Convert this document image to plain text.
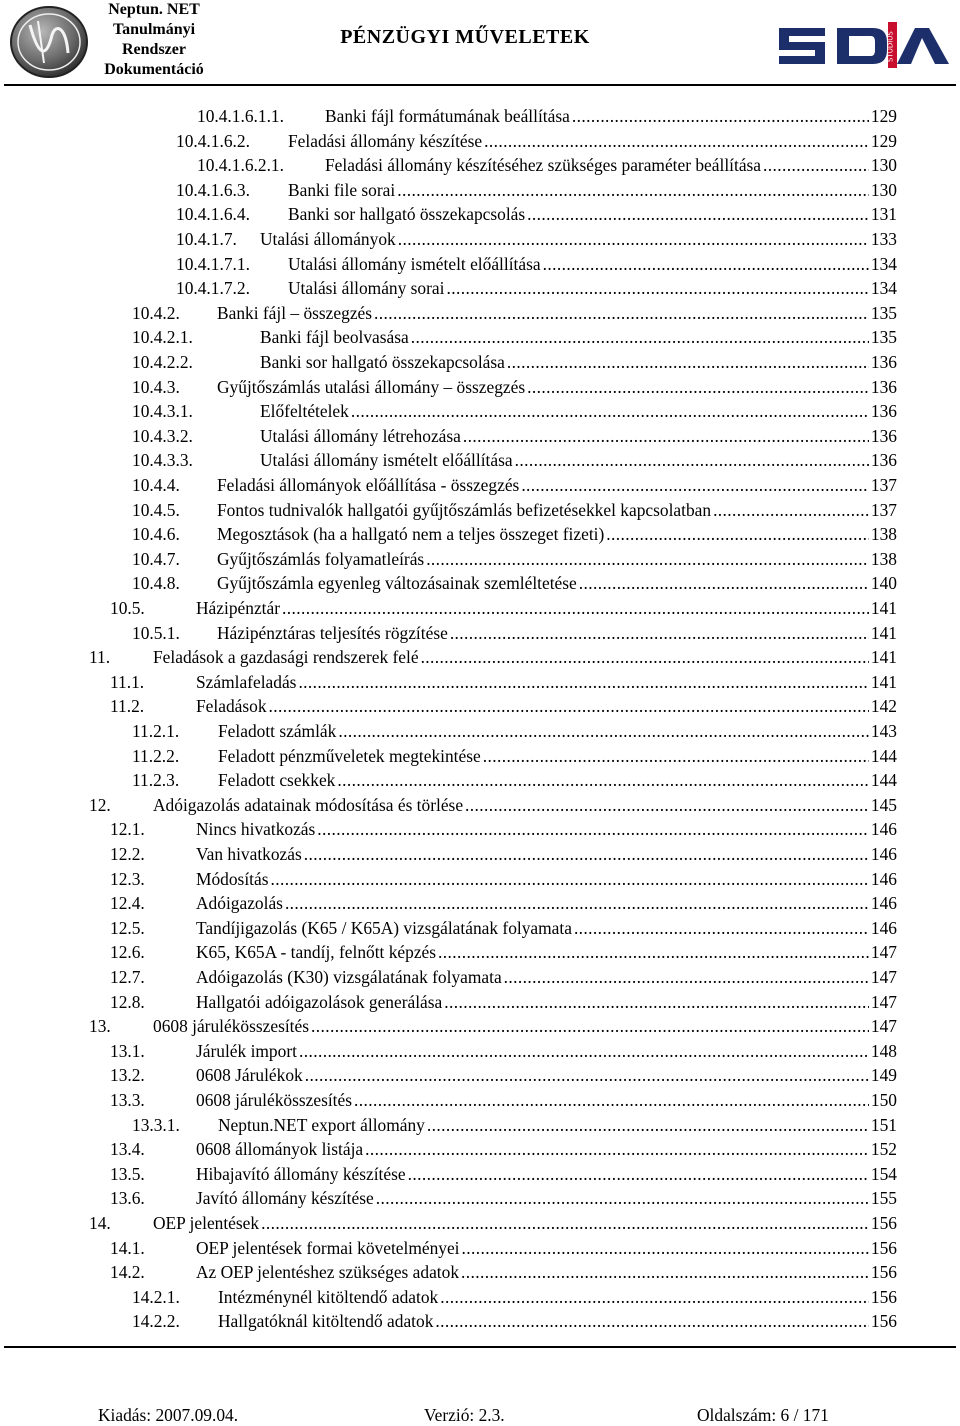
Neptun. NET
Tanulmányi
Rendszer
Dokumentáció
PÉNZÜGYI MŰVELETEK	STUDIUS
10.4.1.6.1.1.	Banki fájl formátumának beállítása .....	129
10.4.1.6.2.	Feladási állomány készítése .....	129
10.4.1.6.2.1.	Feladási állomány készítéséhez szükséges paraméter beállítása .....	130
10.4.1.6.3.	Banki file sorai .....	130
10.4.1.6.4.	Banki sor hallgató összekapcsolás .....	131
10.4.1.7.	Utalási állományok .....	133
10.4.1.7.1.	Utalási állomány ismételt előállítása .....	134
10.4.1.7.2.	Utalási állomány sorai .....	134
10.4.2.	Banki fájl – összegzés .....	135
10.4.2.1.	Banki fájl beolvasása .....	135
10.4.2.2.	Banki sor hallgató összekapcsolása .....	136
10.4.3.	Gyűjtőszámlás utalási állomány – összegzés .....	136
10.4.3.1.	Előfeltételek .....	136
10.4.3.2.	Utalási állomány létrehozása .....	136
10.4.3.3.	Utalási állomány ismételt előállítása .....	136
10.4.4.	Feladási állományok előállítása - összegzés .....	137
10.4.5.	Fontos tudnivalók hallgatói gyűjtőszámlás befizetésekkel kapcsolatban .....	137
10.4.6.	Megosztások (ha a hallgató nem a teljes összeget fizeti) .....	138
10.4.7.	Gyűjtőszámlás folyamatleírás .....	138
10.4.8.	Gyűjtőszámla egyenleg változásainak szemléltetése .....	140
10.5.	Házipénztár .....	141
10.5.1.	Házipénztáras teljesítés rögzítése .....	141
11.	Feladások a gazdasági rendszerek felé .....	141
11.1.	Számlafeladás .....	141
11.2.	Feladások .....	142
11.2.1.	Feladott számlák .....	143
11.2.2.	Feladott pénzműveletek megtekintése .....	144
11.2.3.	Feladott csekkek .....	144
12.	Adóigazolás adatainak módosítása és törlése .....	145
12.1.	Nincs hivatkozás .....	146
12.2.	Van hivatkozás .....	146
12.3.	Módosítás .....	146
12.4.	Adóigazolás .....	146
12.5.	Tandíjigazolás (K65 / K65A) vizsgálatának folyamata .....	146
12.6.	K65, K65A - tandíj, felnőtt képzés .....	147
12.7.	Adóigazolás (K30) vizsgálatának folyamata .....	147
12.8.	Hallgatói adóigazolások generálása .....	147
13.	0608 járulékösszesítés .....	147
13.1.	Járulék import .....	148
13.2.	0608 Járulékok .....	149
13.3.	0608 járulékösszesítés .....	150
13.3.1.	Neptun.NET export állomány .....	151
13.4.	0608 állományok listája .....	152
13.5.	Hibajavító állomány készítése .....	154
13.6.	Javító állomány készítése .....	155
14.	OEP jelentések .....	156
14.1.	OEP jelentések formai követelményei .....	156
14.2.	Az OEP jelentéshez szükséges adatok .....	156
14.2.1.	Intézménynél kitöltendő adatok .....	156
14.2.2.	Hallgatóknál kitöltendő adatok .....	156
Kiadás: 2007.09.04.	Verzió: 2.3.	Oldalszám: 6 / 171
